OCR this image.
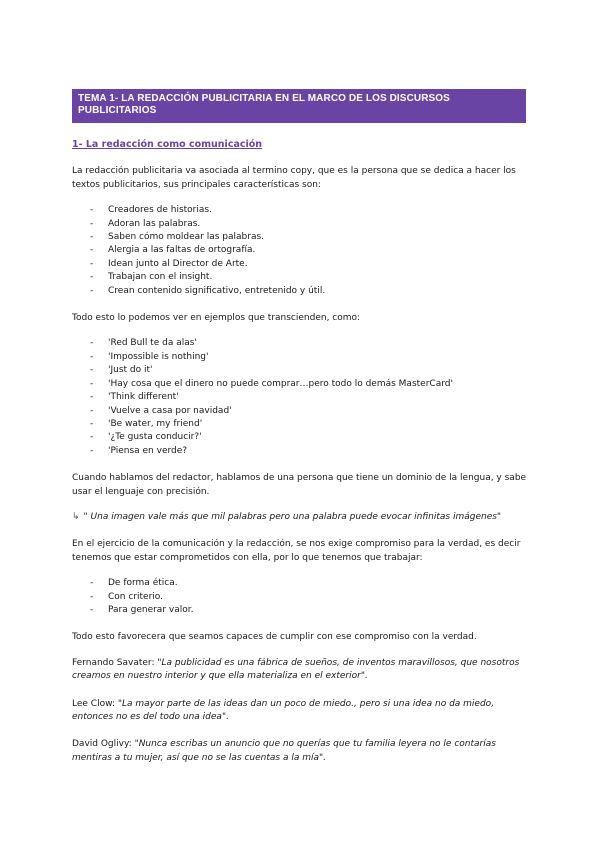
TEMA 1- LA REDACCIÓN PUBLICITARIA EN EL MARCO DE LOS DISCURSOS PUBLICITARIOS
1- La redacción como comunicación

La redacción publicitaria va asociada al termino copy, que es la persona que se dedica a hacer los textos publicitarios, sus principales características son:

- Creadores de historias.
- Adoran las palabras.
- Saben cómo moldear las palabras.
- Alergia a las faltas de ortografía.
- Idean junto al Director de Arte.
- Trabajan con el insight.
- Crean contenido significativo, entretenido y útil.

Todo esto lo podemos ver en ejemplos que transcienden, como:

- 'Red Bull te da alas'
- 'Impossible is nothing'
- 'Just do it'
- 'Hay cosa que el dinero no puede comprar…pero todo lo demás MasterCard'
- 'Think different'
- 'Vuelve a casa por navidad'
- 'Be water, my friend'
- '¿Te gusta conducir?'
- 'Piensa en verde?

Cuando hablamos del redactor, hablamos de una persona que tiene un dominio de la lengua, y sabe usar el lenguaje con precisión.

↳ " Una imagen vale más que mil palabras pero una palabra puede evocar infinitas imágenes"

En el ejercicio de la comunicación y la redacción, se nos exige compromiso para la verdad, es decir tenemos que estar comprometidos con ella, por lo que tenemos que trabajar:

- De forma ética.
- Con criterio.
- Para generar valor.

Todo esto favorecera que seamos capaces de cumplir con ese compromiso con la verdad.

Fernando Savater: "La publicidad es una fábrica de sueños, de inventos maravillosos, que nosotros creamos en nuestro interior y que ella materializa en el exterior".

Lee Clow: "La mayor parte de las ideas dan un poco de miedo., pero si una idea no da miedo, entonces no es del todo una idea".

David Oglivy: "Nunca escribas un anuncio que no querías que tu familia leyera no le contarías mentiras a tu mujer, así que no se las cuentas a la mía".
